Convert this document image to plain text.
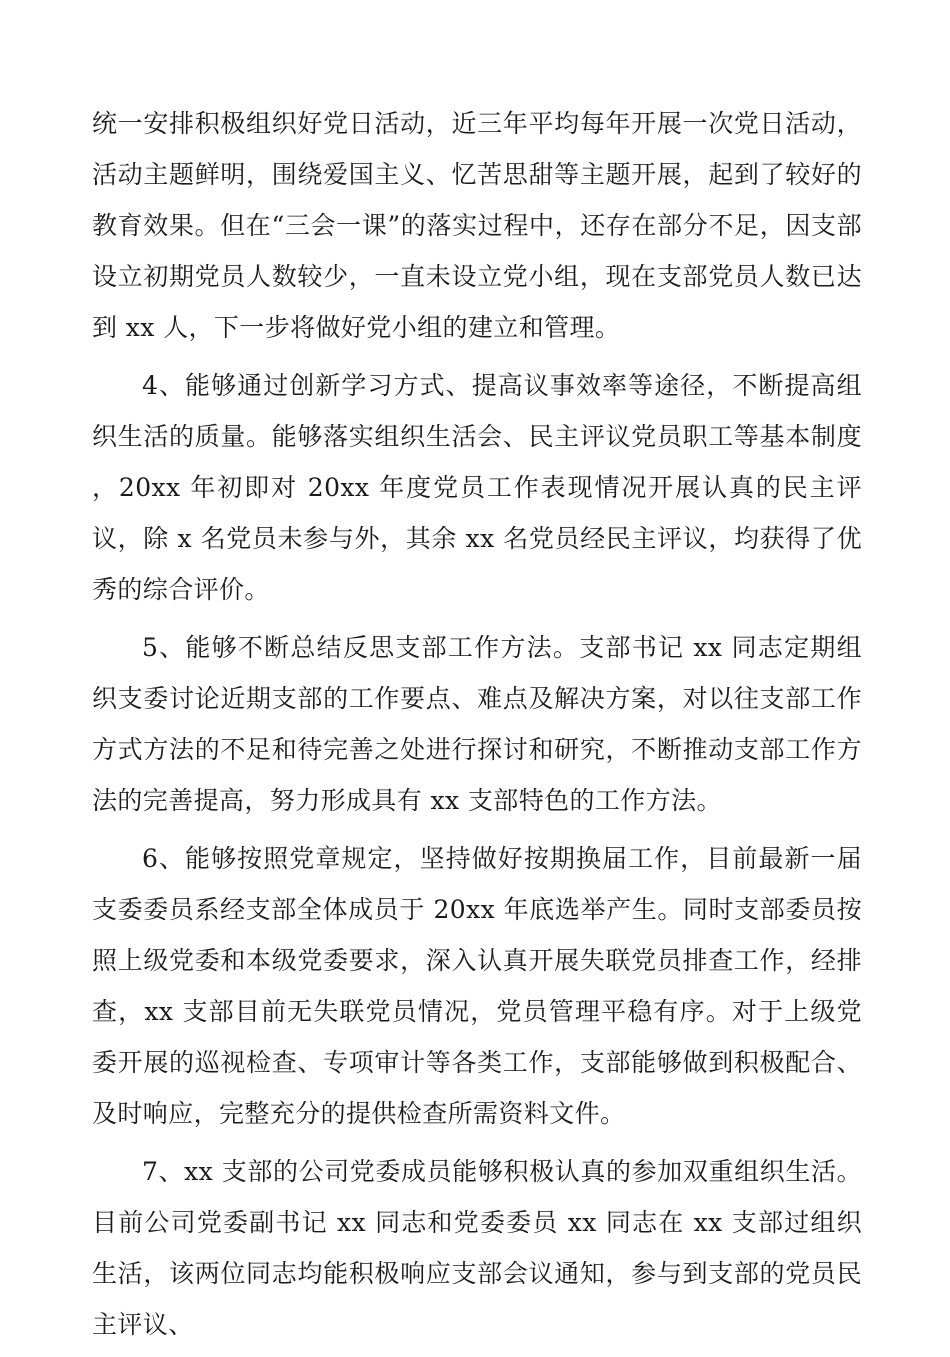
统一安排积极组织好党日活动，近三年平均每年开展一次党日活动，活动主题鲜明，围绕爱国主义、忆苦思甜等主题开展，起到了较好的教育效果。但在“三会一课”的落实过程中，还存在部分不足，因支部设立初期党员人数较少，一直未设立党小组，现在支部党员人数已达到 xx 人，下一步将做好党小组的建立和管理。

4、能够通过创新学习方式、提高议事效率等途径，不断提高组织生活的质量。能够落实组织生活会、民主评议党员职工等基本制度 ，20xx 年初即对 20xx 年度党员工作表现情况开展认真的民主评议，除 x 名党员未参与外，其余 xx 名党员经民主评议，均获得了优秀的综合评价。

5、能够不断总结反思支部工作方法。支部书记 xx 同志定期组织支委讨论近期支部的工作要点、难点及解决方案，对以往支部工作方式方法的不足和待完善之处进行探讨和研究，不断推动支部工作方法的完善提高，努力形成具有 xx 支部特色的工作方法。

6、能够按照党章规定，坚持做好按期换届工作，目前最新一届支委委员系经支部全体成员于 20xx 年底选举产生。同时支部委员按照上级党委和本级党委要求，深入认真开展失联党员排查工作，经排查，xx 支部目前无失联党员情况，党员管理平稳有序。对于上级党委开展的巡视检查、专项审计等各类工作，支部能够做到积极配合、及时响应，完整充分的提供检查所需资料文件。

7、xx 支部的公司党委成员能够积极认真的参加双重组织生活。目前公司党委副书记 xx 同志和党委委员 xx 同志在 xx 支部过组织生活，该两位同志均能积极响应支部会议通知，参与到支部的党员民主评议、
